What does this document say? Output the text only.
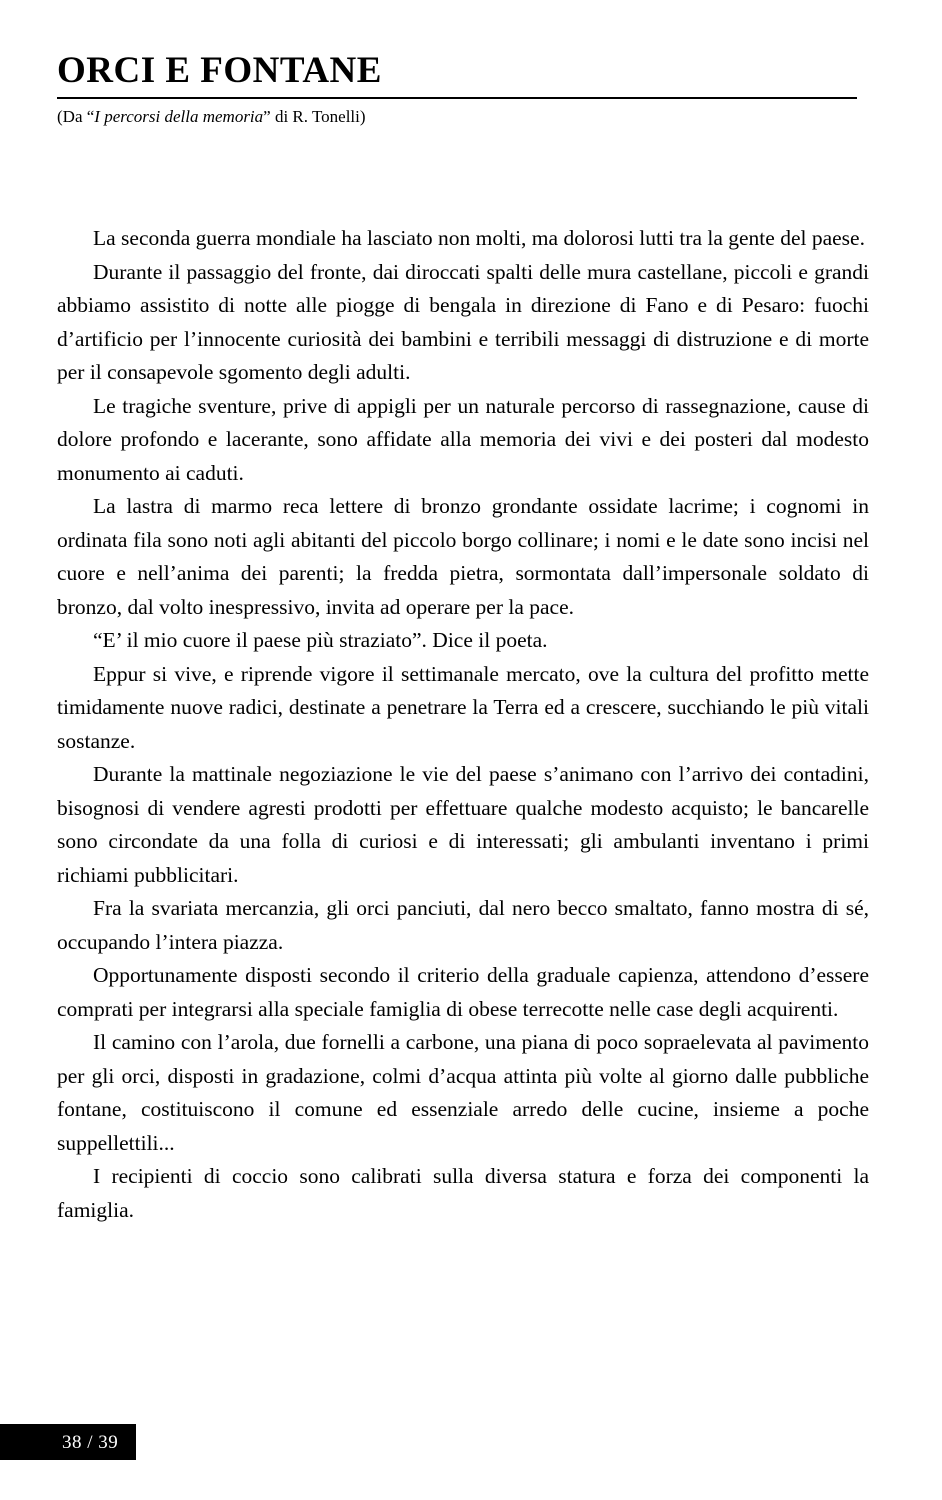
ORCI E FONTANE

(Da “I percorsi della memoria” di R. Tonelli)

La seconda guerra mondiale ha lasciato non molti, ma dolorosi lutti tra la gente del paese.

Durante il passaggio del fronte, dai diroccati spalti delle mura castellane, piccoli e grandi abbiamo assistito di notte alle piogge di bengala in direzione di Fano e di Pesaro: fuochi d’artificio per l’innocente curiosità dei bambini e terribili messaggi di distruzione e di morte per il consapevole sgomento degli adulti.

Le tragiche sventure, prive di appigli per un naturale percorso di rassegnazione, cause di dolore profondo e lacerante, sono affidate alla memoria dei vivi e dei posteri dal modesto monumento ai caduti.

La lastra di marmo reca lettere di bronzo grondante ossidate lacrime; i cognomi in ordinata fila sono noti agli abitanti del piccolo borgo collinare; i nomi e le date sono incisi nel cuore e nell’anima dei parenti; la fredda pietra, sormontata dall’impersonale soldato di bronzo, dal volto inespressivo, invita ad operare per la pace.

“E’ il mio cuore il paese più straziato”. Dice il poeta.

Eppur si vive, e riprende vigore il settimanale mercato, ove la cultura del profitto mette timidamente nuove radici, destinate a penetrare la Terra ed a crescere, succhiando le più vitali sostanze.

Durante la mattinale negoziazione le vie del paese s’animano con l’arrivo dei contadini, bisognosi di vendere agresti prodotti per effettuare qualche modesto acquisto; le bancarelle sono circondate da una folla di curiosi e di interessati; gli ambulanti inventano i primi richiami pubblicitari.

Fra la svariata mercanzia, gli orci panciuti, dal nero becco smaltato, fanno mostra di sé, occupando l’intera piazza.

Opportunamente disposti secondo il criterio della graduale capienza, attendono d’essere comprati per integrarsi alla speciale famiglia di obese terrecotte nelle case degli acquirenti.

Il camino con l’arola, due fornelli a carbone, una piana di poco sopraelevata al pavimento per gli orci, disposti in gradazione, colmi d’acqua attinta più volte al giorno dalle pubbliche fontane, costituiscono il comune ed essenziale arredo delle cucine, insieme a poche suppellettili...

I recipienti di coccio sono calibrati sulla diversa statura e forza dei componenti la famiglia.

38 / 39
